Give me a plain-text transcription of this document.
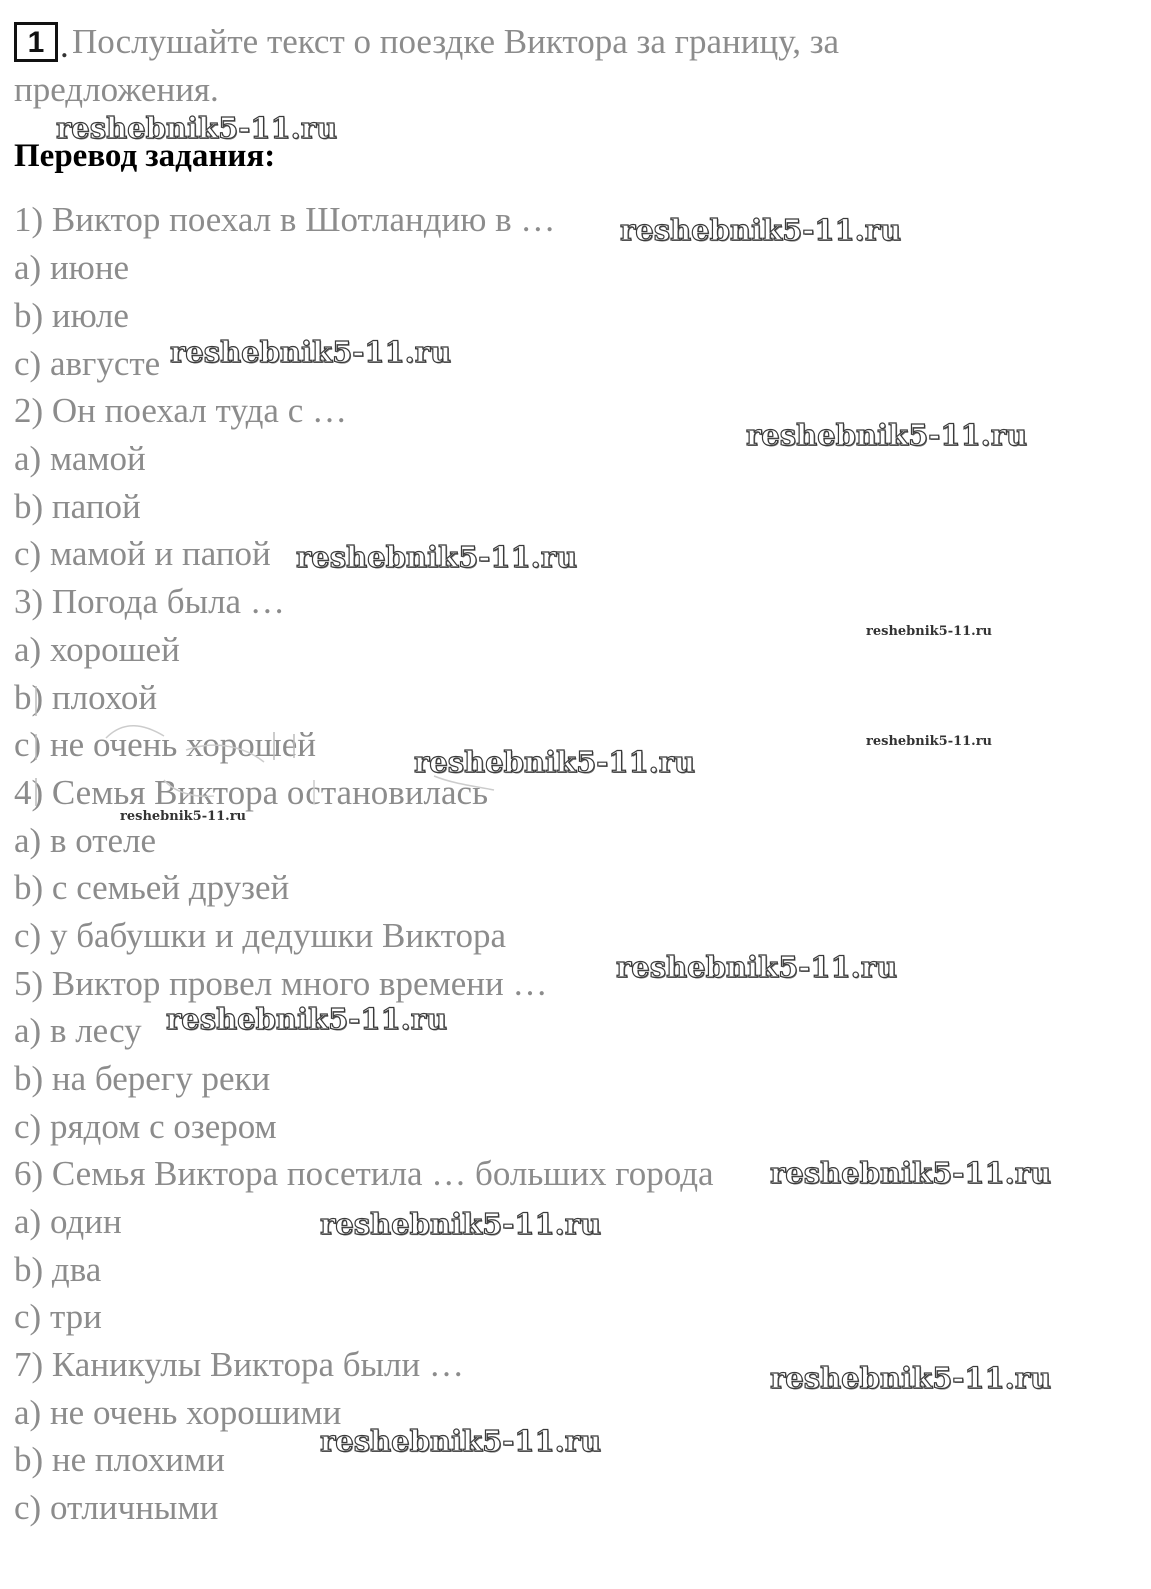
1 . Послушайте текст о поездке Виктора за границу, за
предложения.
Перевод задания:
1) Виктор поехал в Шотландию в …
a) июне
b) июле
c) августе
2) Он поехал туда с …
a) мамой
b) папой
c) мамой и папой
3) Погода была …
a) хорошей
b) плохой
c) не очень хорошей
4) Семья Виктора остановилась
a) в отеле
b) с семьей друзей
c) у бабушки и дедушки Виктора
5) Виктор провел много времени …
a) в лесу
b) на берегу реки
c) рядом с озером
6) Семья Виктора посетила … больших города
a) один
b) два
c) три
7) Каникулы Виктора были …
a) не очень хорошими
b) не плохими
c) отличными
reshebnik5-11.ru
reshebnik5-11.ru
reshebnik5-11.ru
reshebnik5-11.ru
reshebnik5-11.ru
reshebnik5-11.ru
reshebnik5-11.ru
reshebnik5-11.ru
reshebnik5-11.ru
reshebnik5-11.ru
reshebnik5-11.ru
reshebnik5-11.ru
reshebnik5-11.ru
reshebnik5-11.ru
reshebnik5-11.ru
